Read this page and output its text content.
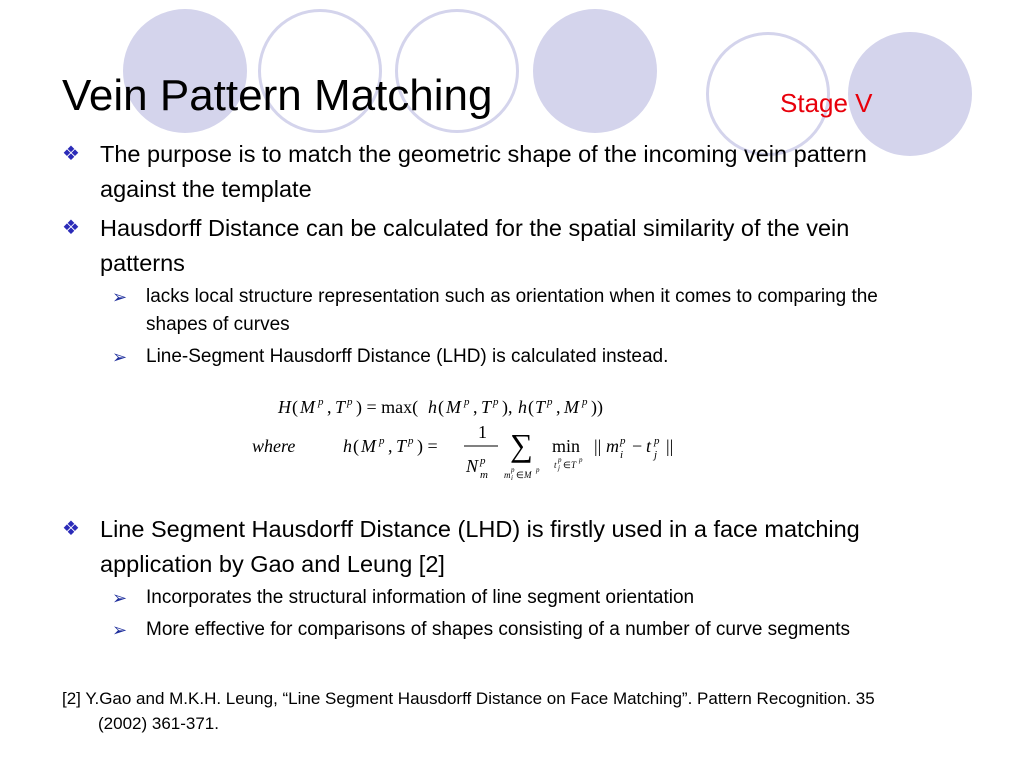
Vein Pattern Matching	Stage V
❖ The purpose is to match the geometric shape of the incoming vein pattern against the template
❖ Hausdorff Distance can be calculated for the spatial similarity of the vein patterns
➢ lacks local structure representation such as orientation when it comes to comparing the shapes of curves
➢ Line-Segment Hausdorff Distance (LHD) is calculated instead.
H ( M p , T p ) = max( h ( M p , T p ), h ( T p , M p ))
where	h ( M p , T p ) =
1
N p
m
∑
m p
i ∈ M p
min
t p
j ∈ T p
|| m p
i − t p
j ||
❖ Line Segment Hausdorff Distance (LHD) is firstly used in a face matching application by Gao and Leung [2]
➢ Incorporates the structural information of line segment orientation
➢ More effective for comparisons of shapes consisting of a number of curve segments
[2] Y.Gao and M.K.H. Leung, “Line Segment Hausdorff Distance on Face Matching”. Pattern Recognition. 35 (2002) 361-371.
